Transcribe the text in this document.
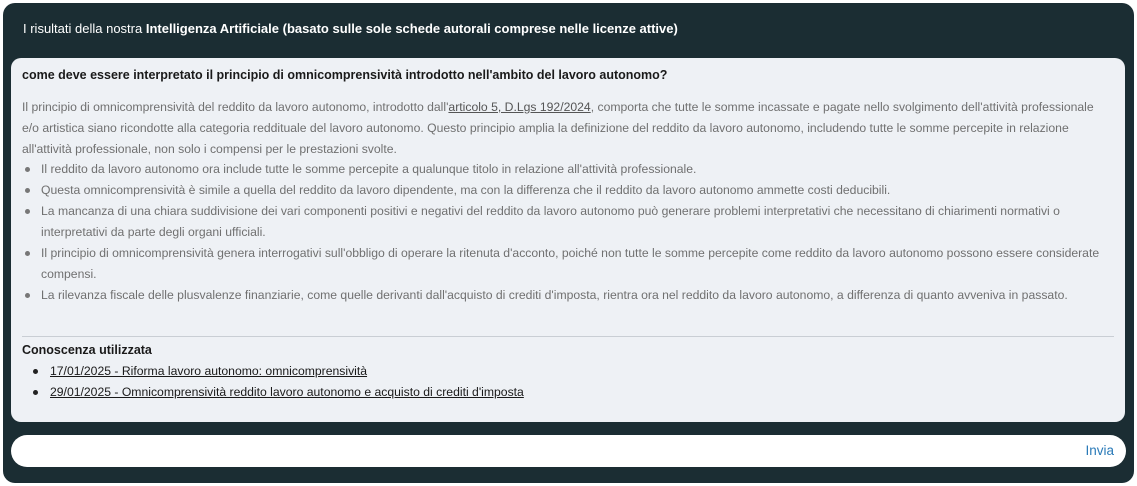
I risultati della nostra Intelligenza Artificiale (basato sulle sole schede autorali comprese nelle licenze attive)
come deve essere interpretato il principio di omnicomprensività introdotto nell'ambito del lavoro autonomo?
Il principio di omnicomprensività del reddito da lavoro autonomo, introdotto dall'articolo 5, D.Lgs 192/2024, comporta che tutte le somme incassate e pagate nello svolgimento dell'attività professionale e/o artistica siano ricondotte alla categoria reddituale del lavoro autonomo. Questo principio amplia la definizione del reddito da lavoro autonomo, includendo tutte le somme percepite in relazione all'attività professionale, non solo i compensi per le prestazioni svolte.
Il reddito da lavoro autonomo ora include tutte le somme percepite a qualunque titolo in relazione all'attività professionale.
Questa omnicomprensività è simile a quella del reddito da lavoro dipendente, ma con la differenza che il reddito da lavoro autonomo ammette costi deducibili.
La mancanza di una chiara suddivisione dei vari componenti positivi e negativi del reddito da lavoro autonomo può generare problemi interpretativi che necessitano di chiarimenti normativi o interpretativi da parte degli organi ufficiali.
Il principio di omnicomprensività genera interrogativi sull'obbligo di operare la ritenuta d'acconto, poiché non tutte le somme percepite come reddito da lavoro autonomo possono essere considerate compensi.
La rilevanza fiscale delle plusvalenze finanziarie, come quelle derivanti dall'acquisto di crediti d'imposta, rientra ora nel reddito da lavoro autonomo, a differenza di quanto avveniva in passato.
Conoscenza utilizzata
17/01/2025 - Riforma lavoro autonomo: omnicomprensività
29/01/2025 - Omnicomprensività reddito lavoro autonomo e acquisto di crediti d'imposta
Invia
